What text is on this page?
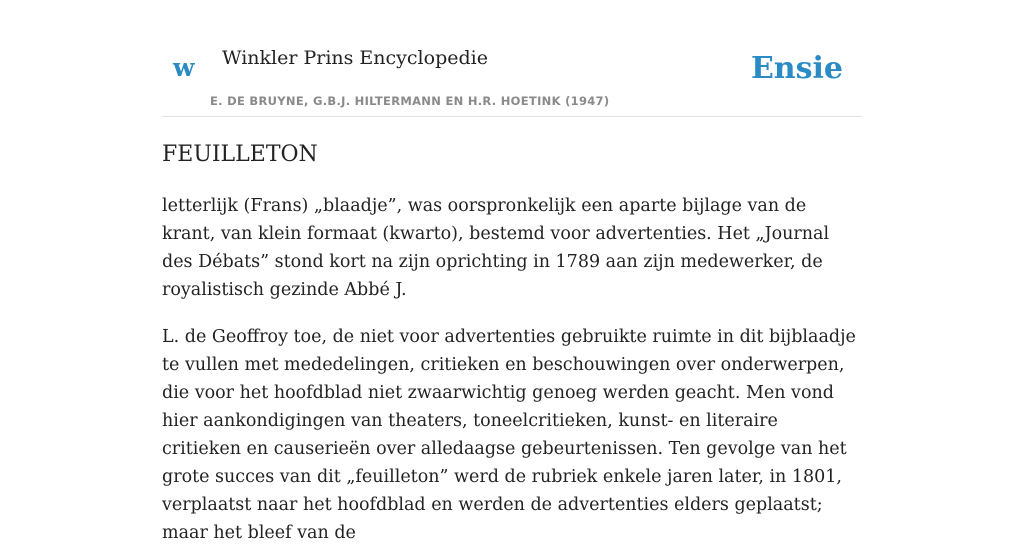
w Winkler Prins Encyclopedie
E. DE BRUYNE, G.B.J. HILTERMANN EN H.R. HOETINK (1947)
Ensie
FEUILLETON

letterlijk (Frans) „blaadje”, was oorspronkelijk een aparte bijlage van de krant, van klein formaat (kwarto), bestemd voor advertenties. Het „Journal des Débats” stond kort na zijn oprichting in 1789 aan zijn medewerker, de royalistisch gezinde Abbé J.

L. de Geoffroy toe, de niet voor advertenties gebruikte ruimte in dit bijblaadje te vullen met mededelingen, critieken en beschouwingen over onderwerpen, die voor het hoofdblad niet zwaarwichtig genoeg werden geacht. Men vond hier aankondigingen van theaters, toneelcritieken, kunst- en literaire critieken en causerieën over alledaagse gebeurtenissen. Ten gevolge van het grote succes van dit „feuilleton” werd de rubriek enkele jaren later, in 1801, verplaatst naar het hoofdblad en werden de advertenties elders geplaatst; maar het bleef van de
